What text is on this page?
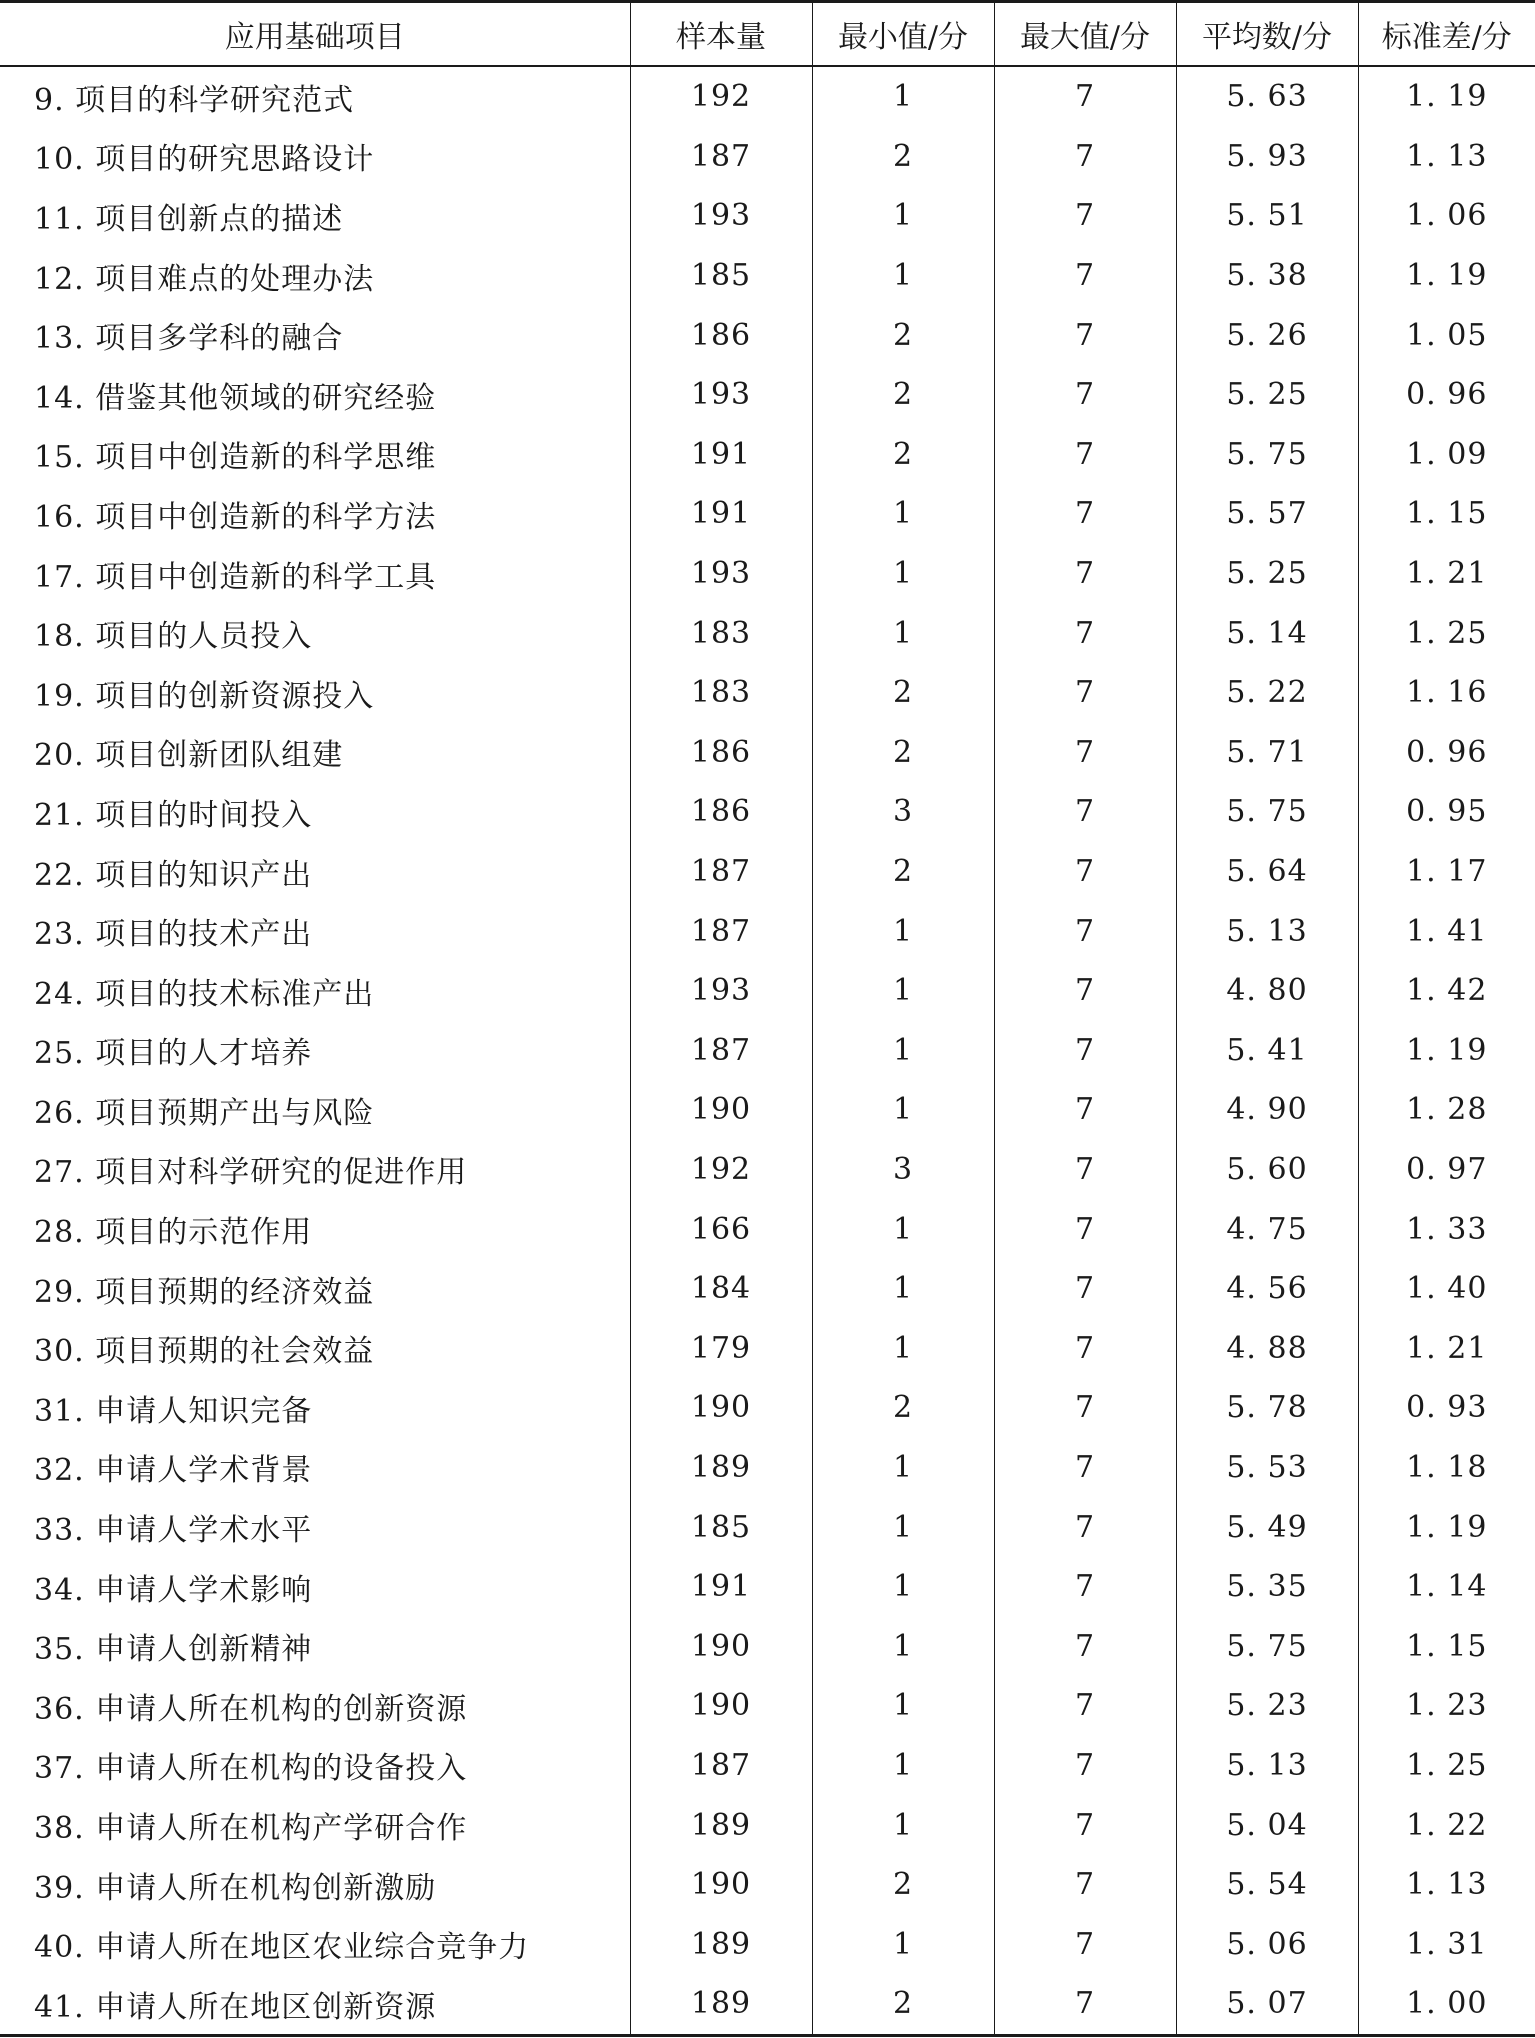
应用基础项目	样本量	最小值/分	最大值/分	平均数/分	标准差/分
9. 项目的科学研究范式	192	1	7	5. 63	1. 19
10. 项目的研究思路设计	187	2	7	5. 93	1. 13
11. 项目创新点的描述	193	1	7	5. 51	1. 06
12. 项目难点的处理办法	185	1	7	5. 38	1. 19
13. 项目多学科的融合	186	2	7	5. 26	1. 05
14. 借鉴其他领域的研究经验	193	2	7	5. 25	0. 96
15. 项目中创造新的科学思维	191	2	7	5. 75	1. 09
16. 项目中创造新的科学方法	191	1	7	5. 57	1. 15
17. 项目中创造新的科学工具	193	1	7	5. 25	1. 21
18. 项目的人员投入	183	1	7	5. 14	1. 25
19. 项目的创新资源投入	183	2	7	5. 22	1. 16
20. 项目创新团队组建	186	2	7	5. 71	0. 96
21. 项目的时间投入	186	3	7	5. 75	0. 95
22. 项目的知识产出	187	2	7	5. 64	1. 17
23. 项目的技术产出	187	1	7	5. 13	1. 41
24. 项目的技术标准产出	193	1	7	4. 80	1. 42
25. 项目的人才培养	187	1	7	5. 41	1. 19
26. 项目预期产出与风险	190	1	7	4. 90	1. 28
27. 项目对科学研究的促进作用	192	3	7	5. 60	0. 97
28. 项目的示范作用	166	1	7	4. 75	1. 33
29. 项目预期的经济效益	184	1	7	4. 56	1. 40
30. 项目预期的社会效益	179	1	7	4. 88	1. 21
31. 申请人知识完备	190	2	7	5. 78	0. 93
32. 申请人学术背景	189	1	7	5. 53	1. 18
33. 申请人学术水平	185	1	7	5. 49	1. 19
34. 申请人学术影响	191	1	7	5. 35	1. 14
35. 申请人创新精神	190	1	7	5. 75	1. 15
36. 申请人所在机构的创新资源	190	1	7	5. 23	1. 23
37. 申请人所在机构的设备投入	187	1	7	5. 13	1. 25
38. 申请人所在机构产学研合作	189	1	7	5. 04	1. 22
39. 申请人所在机构创新激励	190	2	7	5. 54	1. 13
40. 申请人所在地区农业综合竞争力	189	1	7	5. 06	1. 31
41. 申请人所在地区创新资源	189	2	7	5. 07	1. 00
